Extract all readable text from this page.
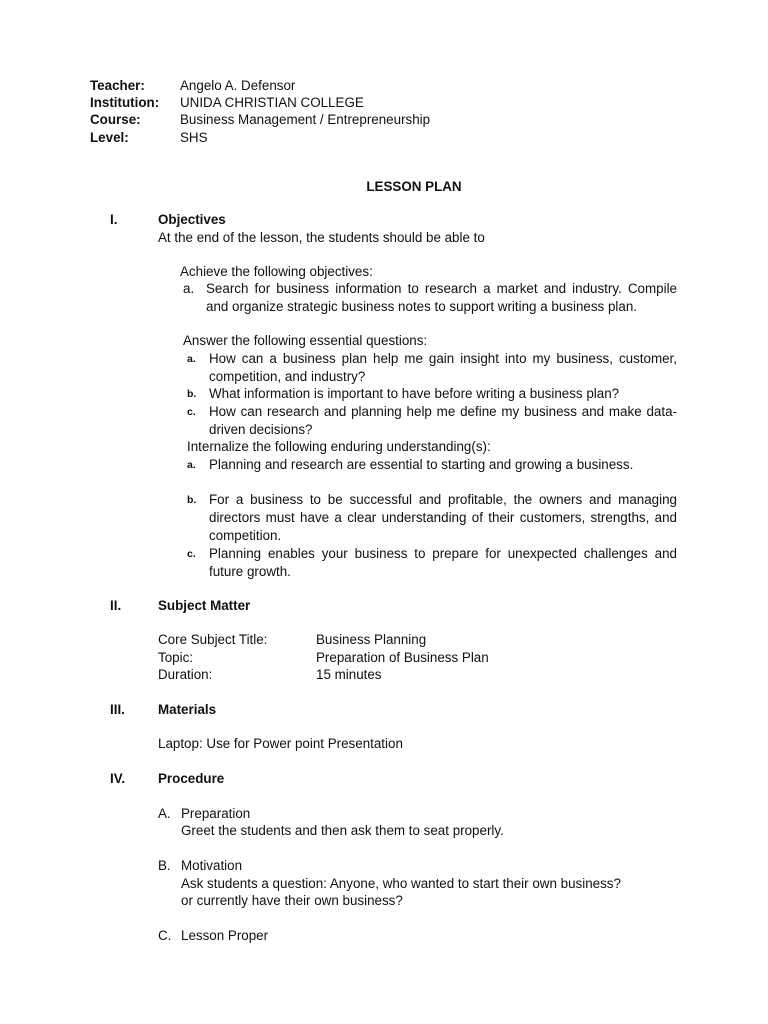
Teacher:	Angelo A. Defensor
Institution: UNIDA CHRISTIAN COLLEGE
Course:	Business Management / Entrepreneurship
Level:	SHS
LESSON PLAN
I.	Objectives
At the end of the lesson, the students should be able to
Achieve the following objectives:
a. Search for business information to research a market and industry. Compile and organize strategic business notes to support writing a business plan.
Answer the following essential questions:
a. How can a business plan help me gain insight into my business, customer, competition, and industry?
b. What information is important to have before writing a business plan?
c. How can research and planning help me define my business and make data-driven decisions?
Internalize the following enduring understanding(s):
a. Planning and research are essential to starting and growing a business.
b. For a business to be successful and profitable, the owners and managing directors must have a clear understanding of their customers, strengths, and competition.
c. Planning enables your business to prepare for unexpected challenges and future growth.
II.	Subject Matter
Core Subject Title:	Business Planning
Topic:	Preparation of Business Plan
Duration:	15 minutes
III. Materials
Laptop: Use for Power point Presentation
IV. Procedure
A. Preparation
Greet the students and then ask them to seat properly.
B. Motivation
Ask students a question: Anyone, who wanted to start their own business?
or currently have their own business?
C. Lesson Proper
